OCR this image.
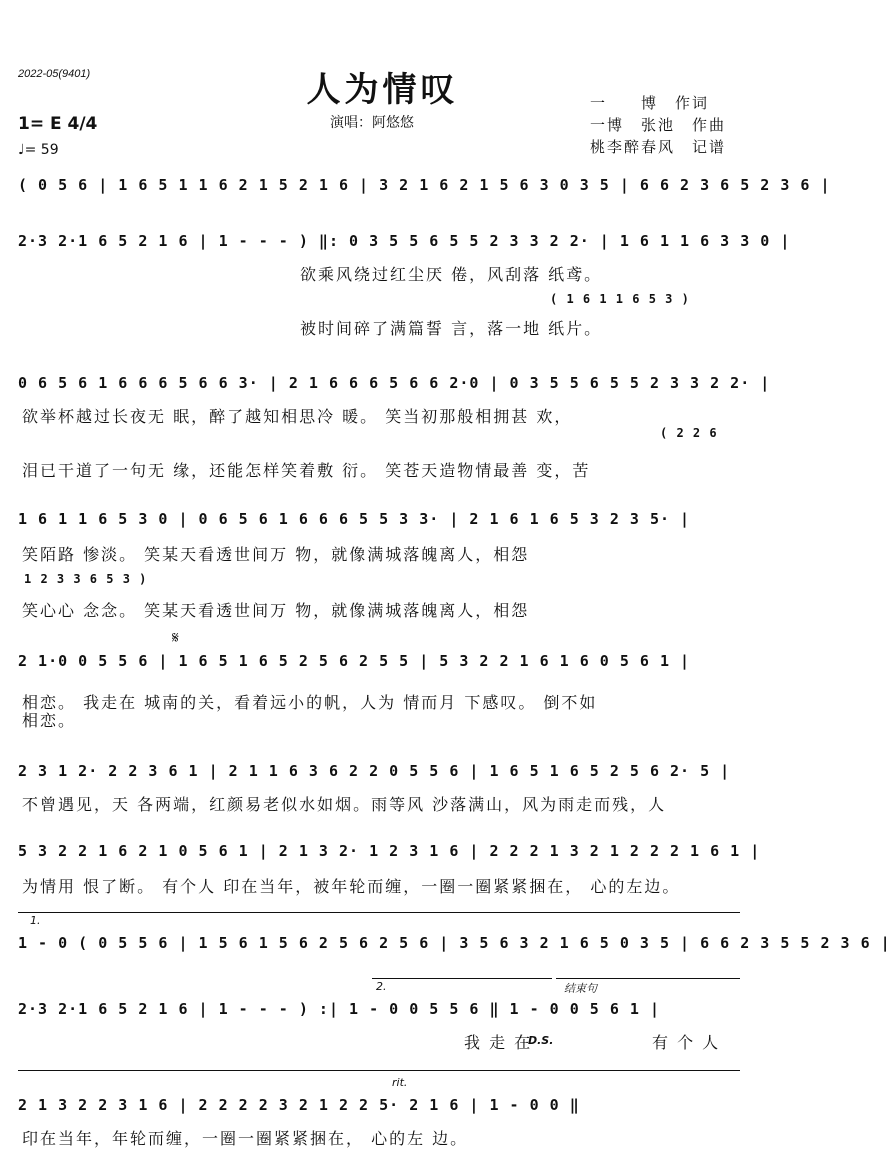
2022-05(9401)	人为情叹
演唱：阿悠悠
一　　博　作词
一博　张池　作曲
桃李醉春风　记谱
1= E 4/4
♩= 59
( 0 5 6 | 1 6 5 1 1 6 2 1 5 2 1 6 | 3 2 1 6 2 1 5 6 3 0 3 5 | 6 6 2 3 6 5 2 3 6 |
2·3 2·1 6 5 2 1 6 | 1 - - - ) ‖: 0 3 5 5 6 5 5 2 3 3 2 2· | 1 6 1 1 6 3 3 0 |
欲乘风绕过红尘厌 倦，风刮落 纸鸢。
( 1 6 1 1 6 5 3 )
被时间碎了满篇誓 言，落一地 纸片。
0 6 5 6 1 6 6 6 5 6 6 3· | 2 1 6 6 6 5 6 6 2·0 | 0 3 5 5 6 5 5 2 3 3 2 2· |
欲举杯越过长夜无 眠，醉了越知相思冷 暖。 笑当初那般相拥甚 欢，
( 2 2 6
泪已干道了一句无 缘，还能怎样笑着敷 衍。 笑苍天造物情最善 变，苦
1 6 1 1 6 5 3 0 | 0 6 5 6 1 6 6 6 5 5 3 3· | 2 1 6 1 6 5 3 2 3 5· |
笑陌路 惨淡。 笑某天看透世间万 物，就像满城落魄离人，相怨
1 2 3 3 6 5 3 )
笑心心 念念。 笑某天看透世间万 物，就像满城落魄离人，相怨
𝄋
2 1·0 0 5 5 6 | 1 6 5 1 6 5 2 5 6 2 5 5 | 5 3 2 2 1 6 1 6 0 5 6 1 |
相恋。 我走在 城南的关，看着远小的帆，人为 情而月 下感叹。 倒不如
相恋。
2 3 1 2· 2 2 3 6 1 | 2 1 1 6 3 6 2 2 0 5 5 6 | 1 6 5 1 6 5 2 5 6 2· 5 |
不曾遇见，天 各两端，红颜易老似水如烟。雨等风 沙落满山，风为雨走而残，人
5 3 2 2 1 6 2 1 0 5 6 1 | 2 1 3 2· 1 2 3 1 6 | 2 2 2 1 3 2 1 2 2 2 1 6 1 |
为情用 恨了断。 有个人 印在当年，被年轮而缠，一圈一圈紧紧捆在， 心的左边。
1.
1 - 0 ( 0 5 5 6 | 1 5 6 1 5 6 2 5 6 2 5 6 | 3 5 6 3 2 1 6 5 0 3 5 | 6 6 2 3 5 5 2 3 6 |
2.	结束句
2·3 2·1 6 5 2 1 6 | 1 - - - ) :| 1 - 0 0 5 5 6 ‖ 1 - 0 0 5 6 1 |
我 走 在
D.S.	有 个 人
rit.
2 1 3 2 2 3 1 6 | 2 2 2 2 3 2 1 2 2 5· 2 1 6 | 1 - 0 0 ‖
印在当年，年轮而缠，一圈一圈紧紧捆在， 心的左 边。
